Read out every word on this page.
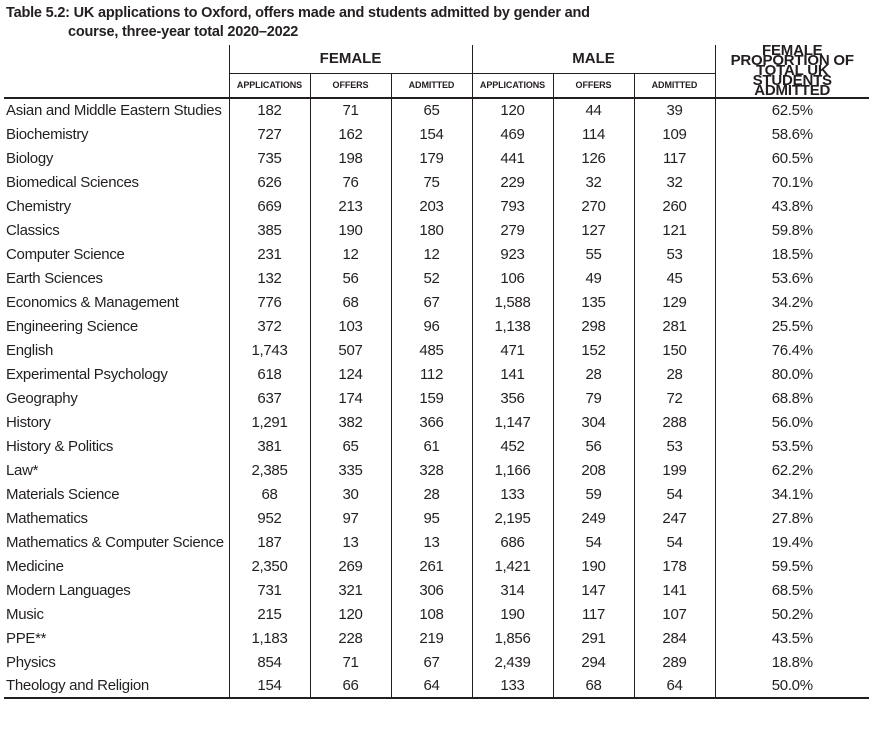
Table 5.2: UK applications to Oxford, offers made and students admitted by gender and
course, three-year total 2020–2022
	FEMALE			MALE			FEMALE PROPORTION OF TOTAL UK STUDENTS ADMITTED
	APPLICATIONS	OFFERS	ADMITTED	APPLICATIONS	OFFERS	ADMITTED	
Asian and Middle Eastern Studies	182	71	65	120	44	39	62.5%
Biochemistry	727	162	154	469	114	109	58.6%
Biology	735	198	179	441	126	117	60.5%
Biomedical Sciences	626	76	75	229	32	32	70.1%
Chemistry	669	213	203	793	270	260	43.8%
Classics	385	190	180	279	127	121	59.8%
Computer Science	231	12	12	923	55	53	18.5%
Earth Sciences	132	56	52	106	49	45	53.6%
Economics & Management	776	68	67	1,588	135	129	34.2%
Engineering Science	372	103	96	1,138	298	281	25.5%
English	1,743	507	485	471	152	150	76.4%
Experimental Psychology	618	124	112	141	28	28	80.0%
Geography	637	174	159	356	79	72	68.8%
History	1,291	382	366	1,147	304	288	56.0%
History & Politics	381	65	61	452	56	53	53.5%
Law*	2,385	335	328	1,166	208	199	62.2%
Materials Science	68	30	28	133	59	54	34.1%
Mathematics	952	97	95	2,195	249	247	27.8%
Mathematics & Computer Science	187	13	13	686	54	54	19.4%
Medicine	2,350	269	261	1,421	190	178	59.5%
Modern Languages	731	321	306	314	147	141	68.5%
Music	215	120	108	190	117	107	50.2%
PPE**	1,183	228	219	1,856	291	284	43.5%
Physics	854	71	67	2,439	294	289	18.8%
Theology and Religion	154	66	64	133	68	64	50.0%
